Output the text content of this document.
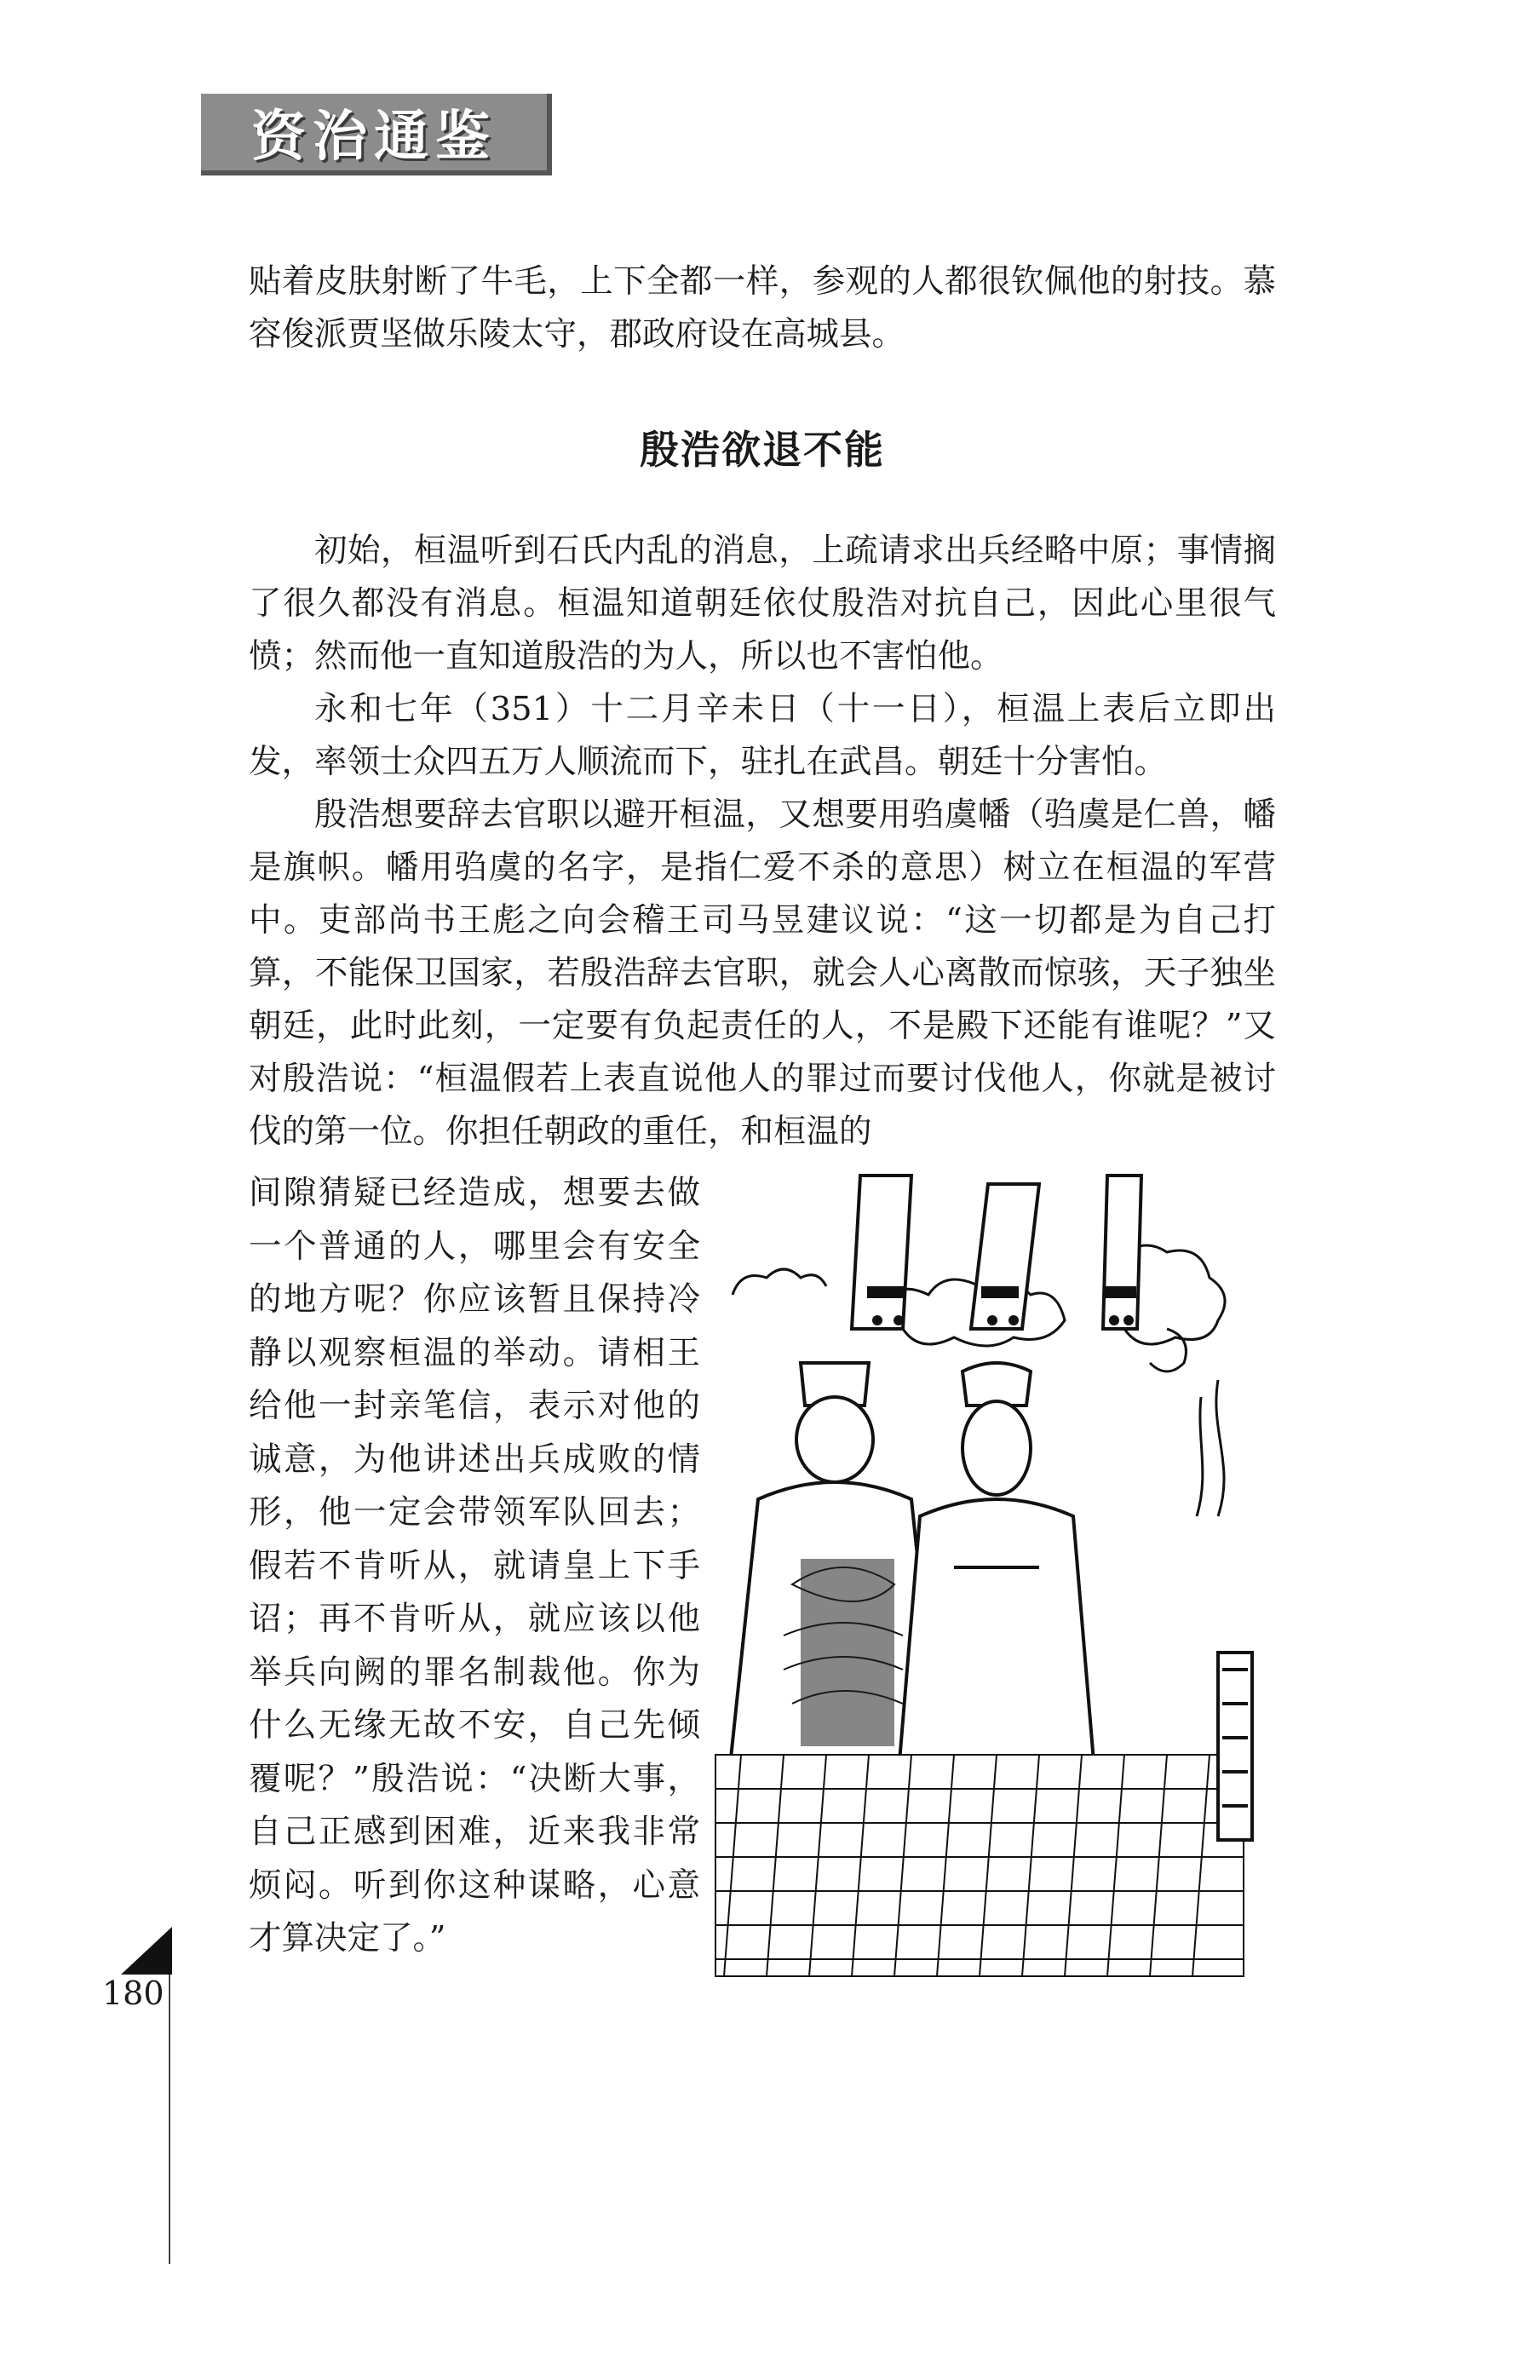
资治通鉴

贴着皮肤射断了牛毛，上下全都一样，参观的人都很钦佩他的射技。慕容俊派贾坚做乐陵太守，郡政府设在高城县。

殷浩欲退不能

初始，桓温听到石氏内乱的消息，上疏请求出兵经略中原；事情搁了很久都没有消息。桓温知道朝廷依仗殷浩对抗自己，因此心里很气愤；然而他一直知道殷浩的为人，所以也不害怕他。

永和七年（351）十二月辛未日（十一日），桓温上表后立即出发，率领士众四五万人顺流而下，驻扎在武昌。朝廷十分害怕。

殷浩想要辞去官职以避开桓温，又想要用驺虞幡（驺虞是仁兽，幡是旗帜。幡用驺虞的名字，是指仁爱不杀的意思）树立在桓温的军营中。吏部尚书王彪之向会稽王司马昱建议说：“这一切都是为自己打算，不能保卫国家，若殷浩辞去官职，就会人心离散而惊骇，天子独坐朝廷，此时此刻，一定要有负起责任的人，不是殿下还能有谁呢？”又对殷浩说：“桓温假若上表直说他人的罪过而要讨伐他人，你就是被讨伐的第一位。你担任朝政的重任，和桓温的

间隙猜疑已经造成，想要去做一个普通的人，哪里会有安全的地方呢？你应该暂且保持冷静以观察桓温的举动。请相王给他一封亲笔信，表示对他的诚意，为他讲述出兵成败的情形，他一定会带领军队回去；假若不肯听从，就请皇上下手诏；再不肯听从，就应该以他举兵向阙的罪名制裁他。你为什么无缘无故不安，自己先倾覆呢？”殷浩说：“决断大事，自己正感到困难，近来我非常烦闷。听到你这种谋略，心意才算决定了。”

180
